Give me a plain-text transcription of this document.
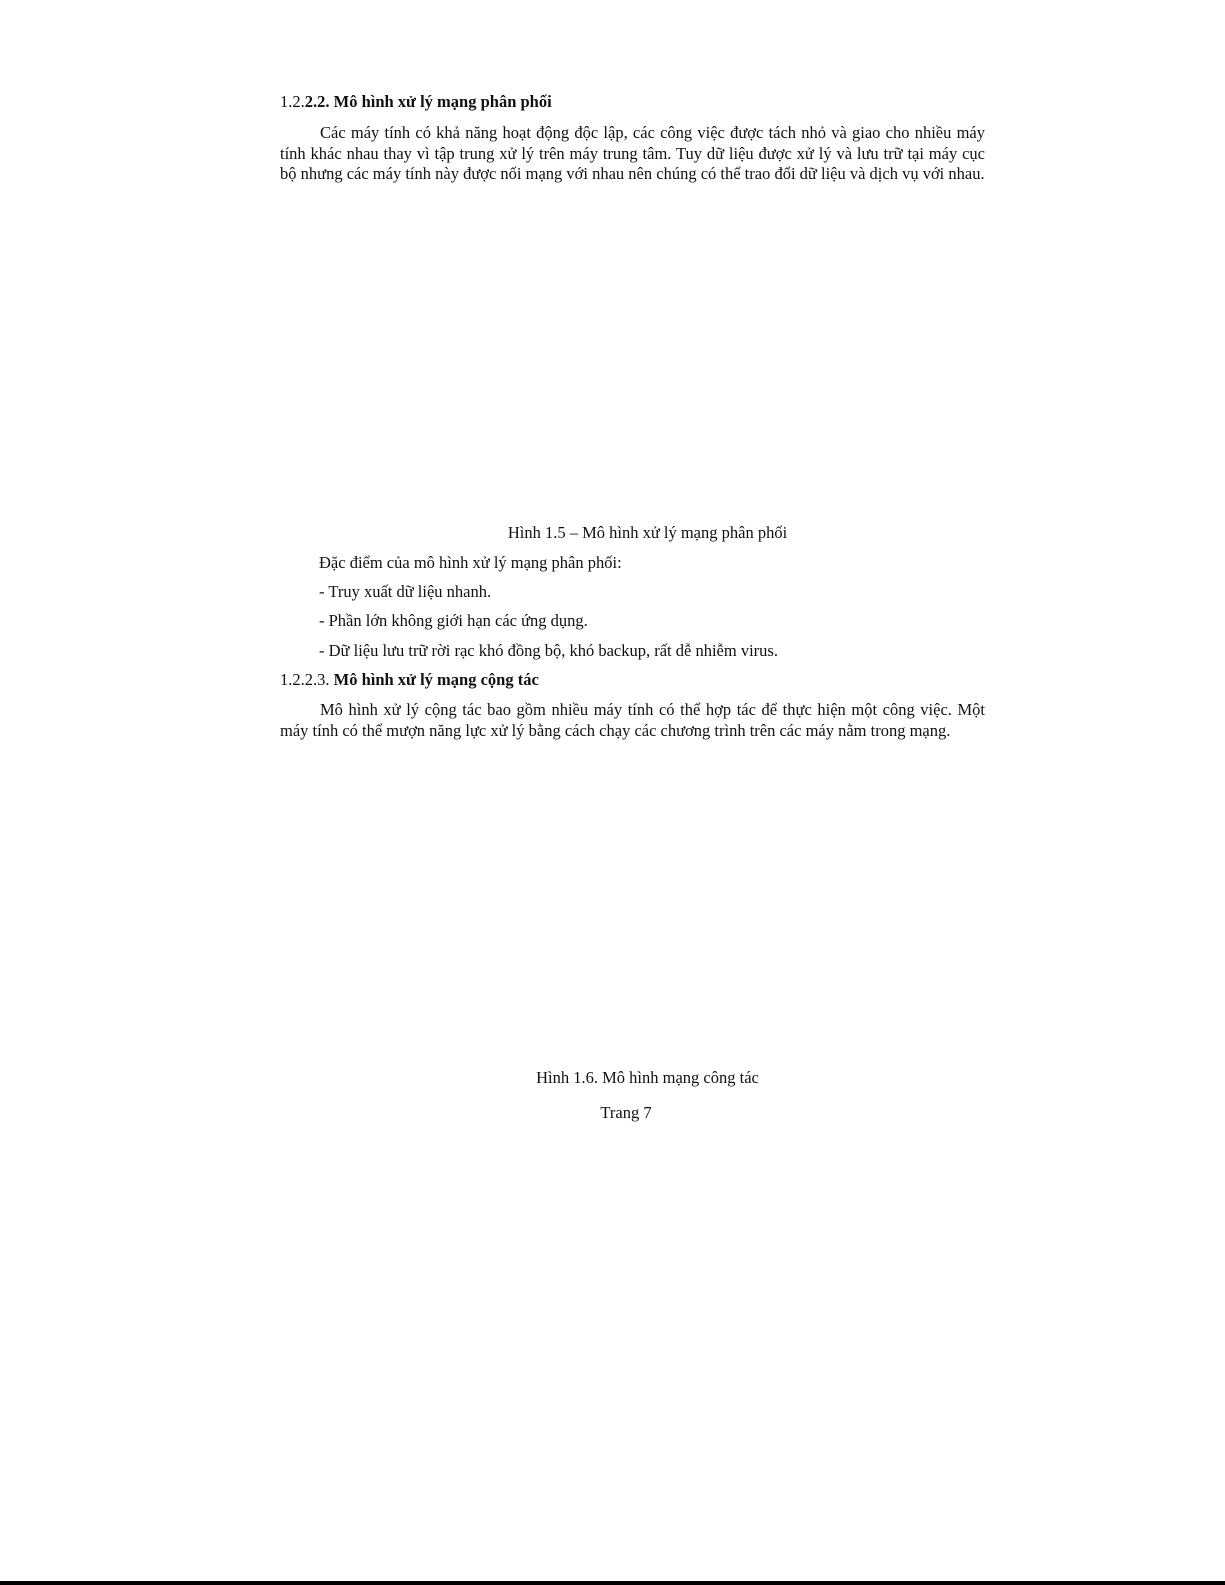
1.2.2.2. Mô hình xử lý mạng phân phối
Các máy tính có khả năng hoạt động độc lập, các công việc được tách nhỏ và giao cho nhiều máy tính khác nhau thay vì tập trung xử lý trên máy trung tâm. Tuy dữ liệu được xử lý và lưu trữ tại máy cục bộ nhưng các máy tính này được nối mạng với nhau nên chúng có thể trao đổi dữ liệu và dịch vụ với nhau.
Hình 1.5 – Mô hình xử lý mạng phân phối
Đặc điểm của mô hình xử lý mạng phân phối:
- Truy xuất dữ liệu nhanh.
- Phần lớn không giới hạn các ứng dụng.
- Dữ liệu lưu trữ rời rạc khó đồng bộ, khó backup, rất dễ nhiễm virus.
1.2.2.3. Mô hình xử lý mạng cộng tác
Mô hình xử lý cộng tác bao gồm nhiều máy tính có thể hợp tác để thực hiện một công việc. Một máy tính có thể mượn năng lực xử lý bằng cách chạy các chương trình trên các máy nằm trong mạng.
Hình 1.6. Mô hình mạng công tác
Trang 7
